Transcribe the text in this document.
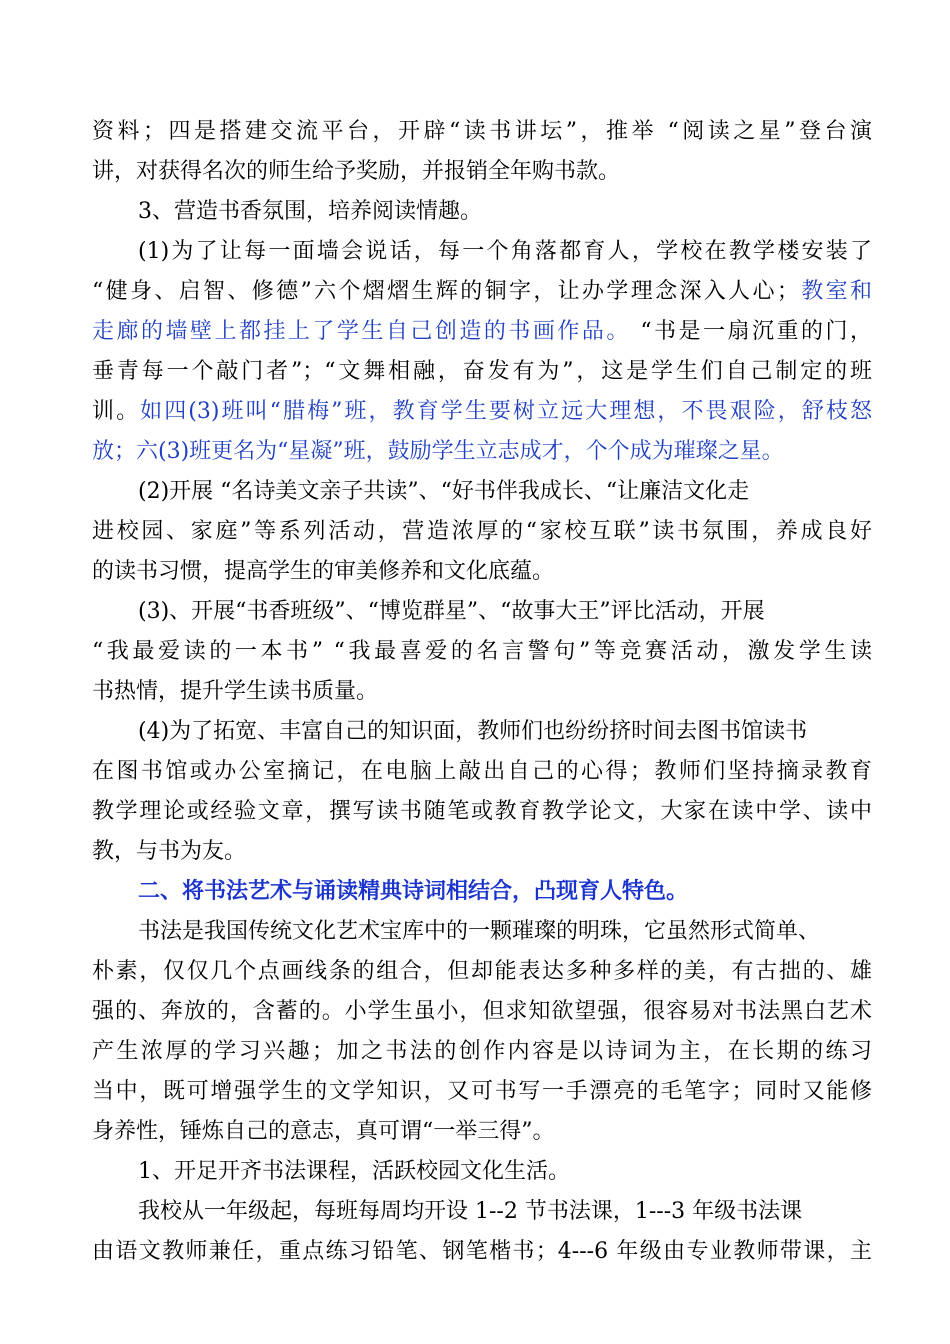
资料；四是搭建交流平台，开辟“读书讲坛”，推举 “阅读之星”登台演
讲，对获得名次的师生给予奖励，并报销全年购书款。
3、营造书香氛围，培养阅读情趣。
(1)为了让每一面墙会说话，每一个角落都育人，学校在教学楼安装了
“健身、启智、修德”六个熠熠生辉的铜字，让办学理念深入人心；教室和
走廊的墙壁上都挂上了学生自己创造的书画作品。 “书是一扇沉重的门，
垂青每一个敲门者”；“文舞相融，奋发有为”，这是学生们自己制定的班
训。如四(3)班叫“腊梅”班，教育学生要树立远大理想，不畏艰险，舒枝怒
放；六(3)班更名为“星凝”班，鼓励学生立志成才，个个成为璀璨之星。
(2)开展 “名诗美文亲子共读”、“好书伴我成长、“让廉洁文化走
进校园、家庭”等系列活动，营造浓厚的“家校互联”读书氛围，养成良好
的读书习惯，提高学生的审美修养和文化底蕴。
(3)、开展“书香班级”、“博览群星”、“故事大王”评比活动，开展
“我最爱读的一本书” “我最喜爱的名言警句”等竞赛活动，激发学生读
书热情，提升学生读书质量。
(4)为了拓宽、丰富自己的知识面，教师们也纷纷挤时间去图书馆读书
在图书馆或办公室摘记，在电脑上敲出自己的心得；教师们坚持摘录教育
教学理论或经验文章，撰写读书随笔或教育教学论文，大家在读中学、读中
教，与书为友。
二、将书法艺术与诵读精典诗词相结合，凸现育人特色。
书法是我国传统文化艺术宝库中的一颗璀璨的明珠，它虽然形式简单、
朴素，仅仅几个点画线条的组合，但却能表达多种多样的美，有古拙的、雄
强的、奔放的，含蓄的。小学生虽小，但求知欲望强，很容易对书法黑白艺术
产生浓厚的学习兴趣；加之书法的创作内容是以诗词为主，在长期的练习
当中，既可增强学生的文学知识，又可书写一手漂亮的毛笔字；同时又能修
身养性，锤炼自己的意志，真可谓“一举三得”。
1、开足开齐书法课程，活跃校园文化生活。
我校从一年级起，每班每周均开设 1--2 节书法课，1---3 年级书法课
由语文教师兼任，重点练习铅笔、钢笔楷书；4---6 年级由专业教师带课，主
